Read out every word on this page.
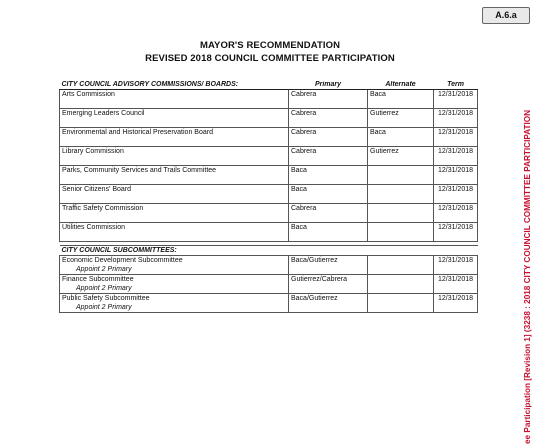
A.6.a
MAYOR'S RECOMMENDATION
REVISED 2018 COUNCIL COMMITTEE PARTICIPATION
CITY COUNCIL ADVISORY COMMISSIONS/ BOARDS:	Primary	Alternate	Term
Arts Commission	Cabrera	Baca	12/31/2018
Emerging Leaders Council	Cabrera	Gutierrez	12/31/2018
Environmental and Historical Preservation Board	Cabrera	Baca	12/31/2018
Library Commission	Cabrera	Gutierrez	12/31/2018
Parks, Community Services and Trails Committee	Baca		12/31/2018
Senior Citizens' Board	Baca		12/31/2018
Traffic Safety Commission	Cabrera		12/31/2018
Utilities Commission	Baca		12/31/2018

CITY COUNCIL SUBCOMMITTEES:			
Economic Development Subcommittee
Appoint 2 Primary	Baca/Gutierrez		12/31/2018
Finance Subcommittee
Appoint 2 Primary	Gutierrez/Cabrera		12/31/2018
Public Safety Subcommittee
Appoint 2 Primary	Baca/Gutierrez		12/31/2018	ee Participation [Revision 1] (3238 : 2018 CITY COUNCIL COMMITTEE PARTICIPATION
